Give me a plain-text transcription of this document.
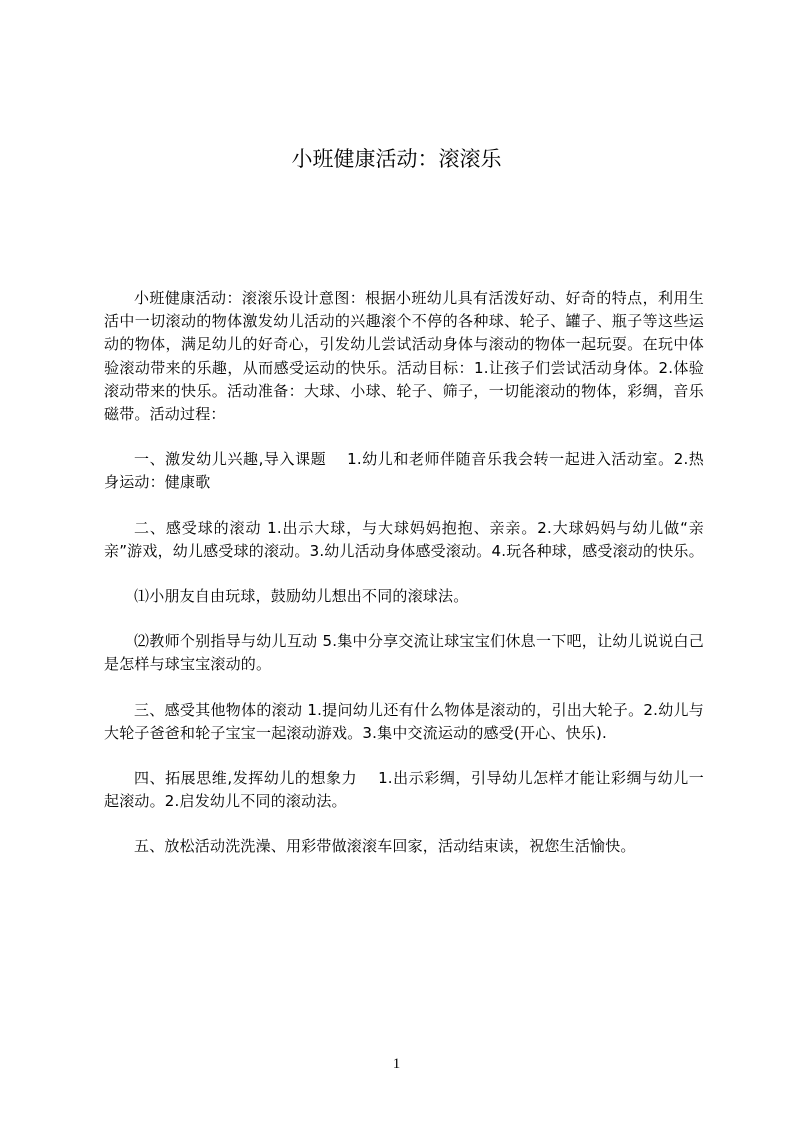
小班健康活动：滚滚乐

小班健康活动：滚滚乐设计意图：根据小班幼儿具有活泼好动、好奇的特点，利用生活中一切滚动的物体激发幼儿活动的兴趣滚个不停的各种球、轮子、罐子、瓶子等这些运动的物体，满足幼儿的好奇心，引发幼儿尝试活动身体与滚动的物体一起玩耍。在玩中体验滚动带来的乐趣，从而感受运动的快乐。活动目标：1.让孩子们尝试活动身体。2.体验滚动带来的快乐。活动准备：大球、小球、轮子、筛子，一切能滚动的物体，彩绸，音乐磁带。活动过程：

一、激发幼儿兴趣,导入课题　 1.幼儿和老师伴随音乐我会转一起进入活动室。2.热身运动：健康歌

二、感受球的滚动 1.出示大球，与大球妈妈抱抱、亲亲。2.大球妈妈与幼儿做“亲亲”游戏，幼儿感受球的滚动。3.幼儿活动身体感受滚动。4.玩各种球，感受滚动的快乐。

⑴小朋友自由玩球，鼓励幼儿想出不同的滚球法。

⑵教师个别指导与幼儿互动 5.集中分享交流让球宝宝们休息一下吧，让幼儿说说白己是怎样与球宝宝滚动的。

三、感受其他物体的滚动 1.提问幼儿还有什么物体是滚动的，引出大轮子。2.幼儿与大轮子爸爸和轮子宝宝一起滚动游戏。3.集中交流运动的感受(开心、快乐).

四、拓展思维,发挥幼儿的想象力　 1.出示彩绸，引导幼儿怎样才能让彩绸与幼儿一起滚动。2.启发幼儿不同的滚动法。

五、放松活动洗洗澡、用彩带做滚滚车回家，活动结束读，祝您生活愉快。

1
